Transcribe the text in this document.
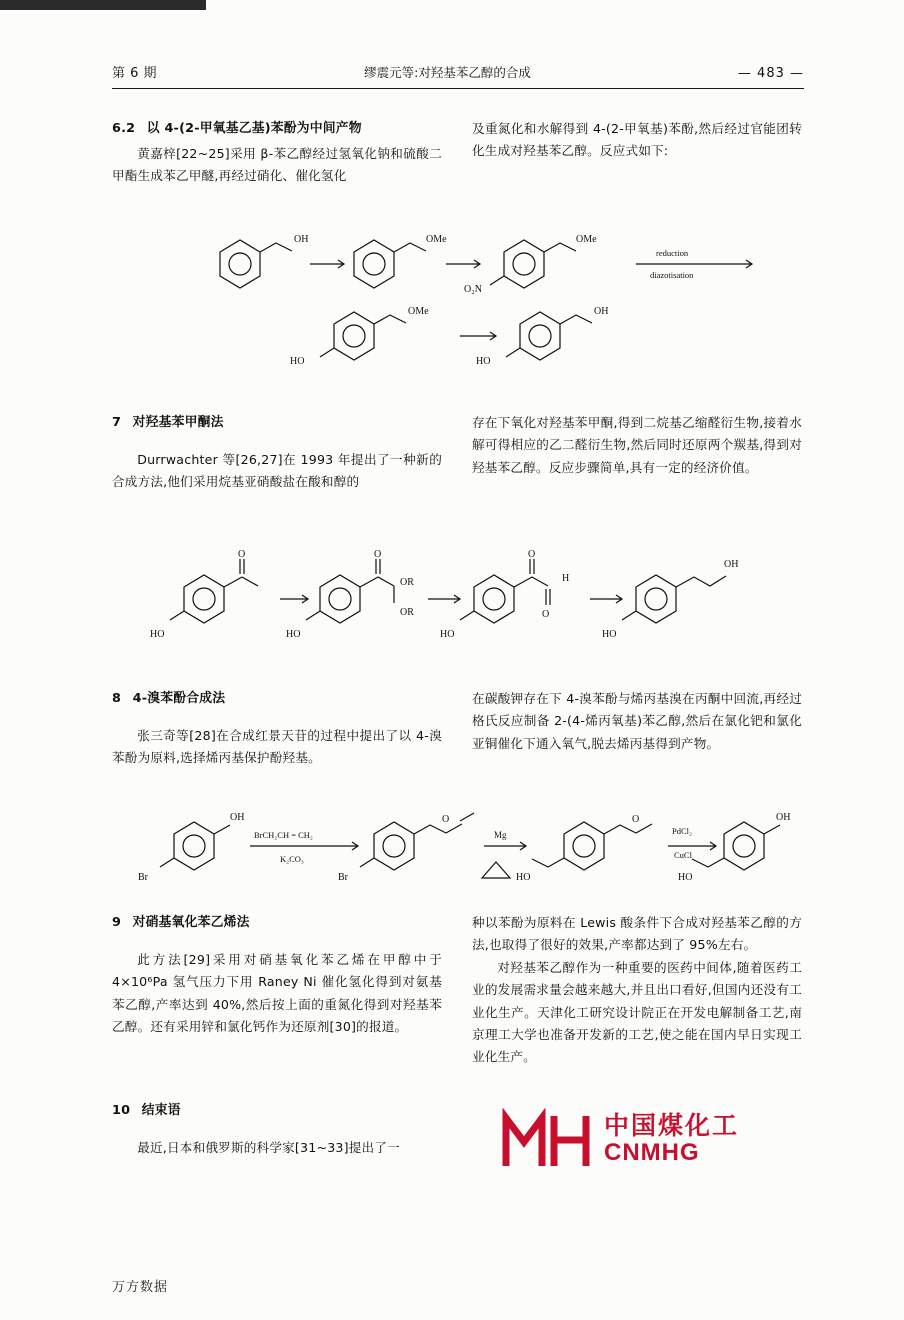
第 6 期	缪震元等:对羟基苯乙醇的合成	— 483 —
6.2 以 4-(2-甲氧基乙基)苯酚为中间产物
黄嘉梓[22~25]采用 β-苯乙醇经过氢氧化钠和硫酸二甲酯生成苯乙甲醚,再经过硝化、催化氢化
及重氮化和水解得到 4-(2-甲氧基)苯酚,然后经过官能团转化生成对羟基苯乙醇。反应式如下:
OH	OMe	OMe
O₂N
reduction
diazotisation
OMe
HO
OH
HO
7 对羟基苯甲酮法
Durrwachter 等[26,27]在 1993 年提出了一种新的合成方法,他们采用烷基亚硝酸盐在酸和醇的
存在下氧化对羟基苯甲酮,得到二烷基乙缩醛衍生物,接着水解可得相应的乙二醛衍生物,然后同时还原两个羰基,得到对羟基苯乙醇。反应步骤简单,具有一定的经济价值。
O
HO
O
OR
OR
HO
O
H
O
HO
OH
HO
8 4-溴苯酚合成法
张三奇等[28]在合成红景天苷的过程中提出了以 4-溴苯酚为原料,选择烯丙基保护酚羟基。
在碳酸钾存在下 4-溴苯酚与烯丙基溴在丙酮中回流,再经过格氏反应制备 2-(4-烯丙氧基)苯乙醇,然后在氯化钯和氯化亚铜催化下通入氧气,脱去烯丙基得到产物。
OH
Br
BrCH₂CH = CH₂
K₂CO₃
O
Br
Mg
O
HO
PdCl₂
CuCl
OH
HO
9 对硝基氧化苯乙烯法
此方法[29]采用对硝基氧化苯乙烯在甲醇中于 4×10⁶Pa 氢气压力下用 Raney Ni 催化氢化得到对氨基苯乙醇,产率达到 40%,然后按上面的重氮化得到对羟基苯乙醇。还有采用锌和氯化钙作为还原剂[30]的报道。
10 结束语
最近,日本和俄罗斯的科学家[31~33]提出了一
种以苯酚为原料在 Lewis 酸条件下合成对羟基苯乙醇的方法,也取得了很好的效果,产率都达到了 95%左右。
对羟基苯乙醇作为一种重要的医药中间体,随着医药工业的发展需求量会越来越大,并且出口看好,但国内还没有工业化生产。天津化工研究设计院正在开发电解制备工艺,南京理工大学也准备开发新的工艺,使之能在国内早日实现工业化生产。
中国煤化工
CNMHG
万方数据
